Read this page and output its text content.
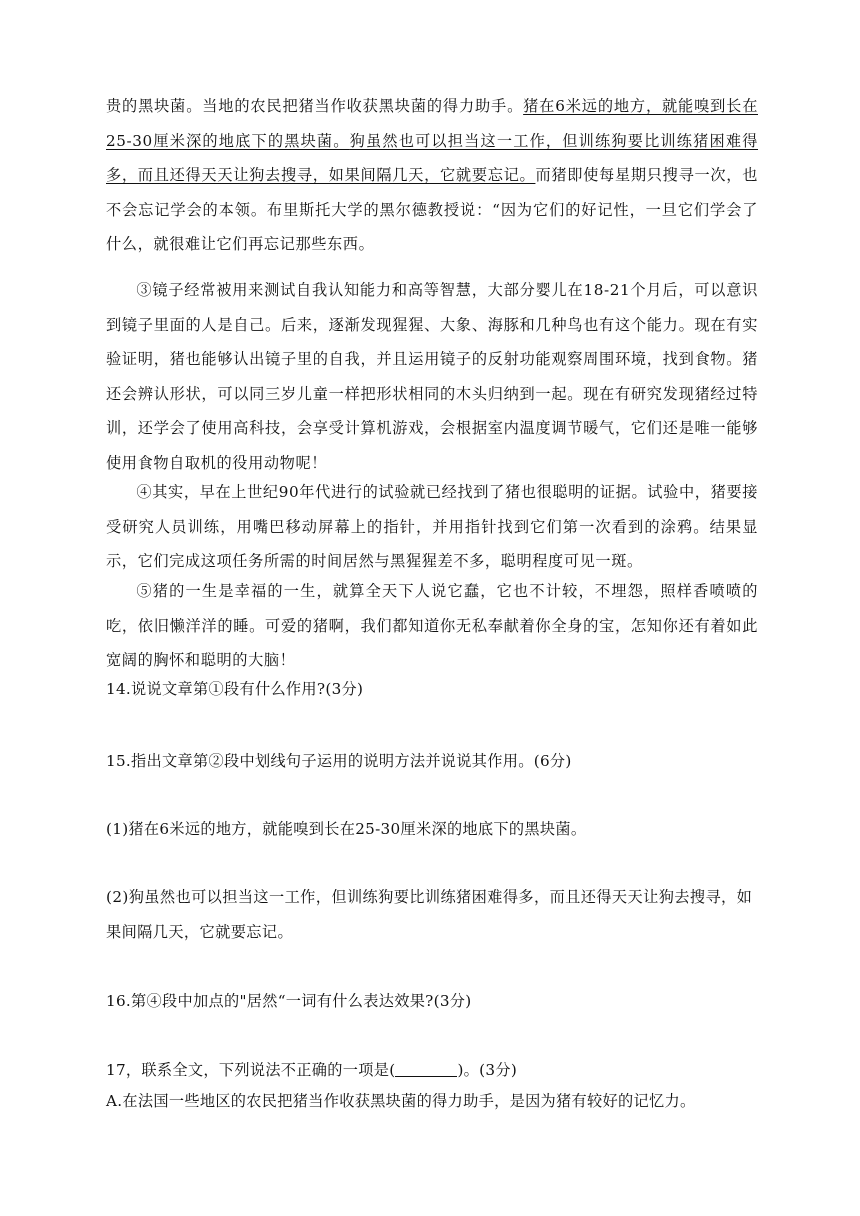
贵的黑块菌。当地的农民把猪当作收获黑块菌的得力助手。猪在6米远的地方，就能嗅到长在25-30厘米深的地底下的黑块菌。狗虽然也可以担当这一工作，但训练狗要比训练猪困难得多，而且还得天天让狗去搜寻，如果间隔几天，它就要忘记。而猪即使每星期只搜寻一次，也不会忘记学会的本领。布里斯托大学的黑尔德教授说：“因为它们的好记性，一旦它们学会了什么，就很难让它们再忘记那些东西。

③镜子经常被用来测试自我认知能力和高等智慧，大部分婴儿在18-21个月后，可以意识到镜子里面的人是自己。后来，逐渐发现猩猩、大象、海豚和几种鸟也有这个能力。现在有实验证明，猪也能够认出镜子里的自我，并且运用镜子的反射功能观察周围环境，找到食物。猪还会辨认形状，可以同三岁儿童一样把形状相同的木头归纳到一起。现在有研究发现猪经过特训，还学会了使用高科技，会享受计算机游戏，会根据室内温度调节暖气，它们还是唯一能够使用食物自取机的役用动物呢！

④其实，早在上世纪90年代进行的试验就已经找到了猪也很聪明的证据。试验中，猪要接受研究人员训练，用嘴巴移动屏幕上的指针，并用指针找到它们第一次看到的涂鸦。结果显示，它们完成这项任务所需的时间居然与黑猩猩差不多，聪明程度可见一斑。

⑤猪的一生是幸福的一生，就算全天下人说它蠢，它也不计较，不埋怨，照样香喷喷的吃，依旧懒洋洋的睡。可爱的猪啊，我们都知道你无私奉献着你全身的宝，怎知你还有着如此宽阔的胸怀和聪明的大脑！

14.说说文章第①段有什么作用?(3分)

15.指出文章第②段中划线句子运用的说明方法并说说其作用。(6分)

(1)猪在6米远的地方，就能嗅到长在25-30厘米深的地底下的黑块菌。

(2)狗虽然也可以担当这一工作，但训练狗要比训练猪困难得多，而且还得天天让狗去搜寻，如果间隔几天，它就要忘记。

16.第④段中加点的"居然“一词有什么表达效果?(3分)

17，联系全文，下列说法不正确的一项是(	)。(3分)

A.在法国一些地区的农民把猪当作收获黑块菌的得力助手，是因为猪有较好的记忆力。
